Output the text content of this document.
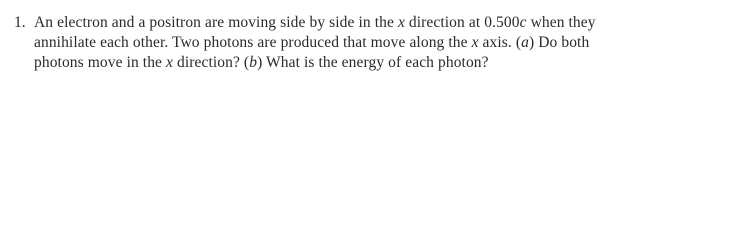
1. An electron and a positron are moving side by side in the x direction at 0.500c when they
annihilate each other. Two photons are produced that move along the x axis. (a) Do both
photons move in the x direction? (b) What is the energy of each photon?
